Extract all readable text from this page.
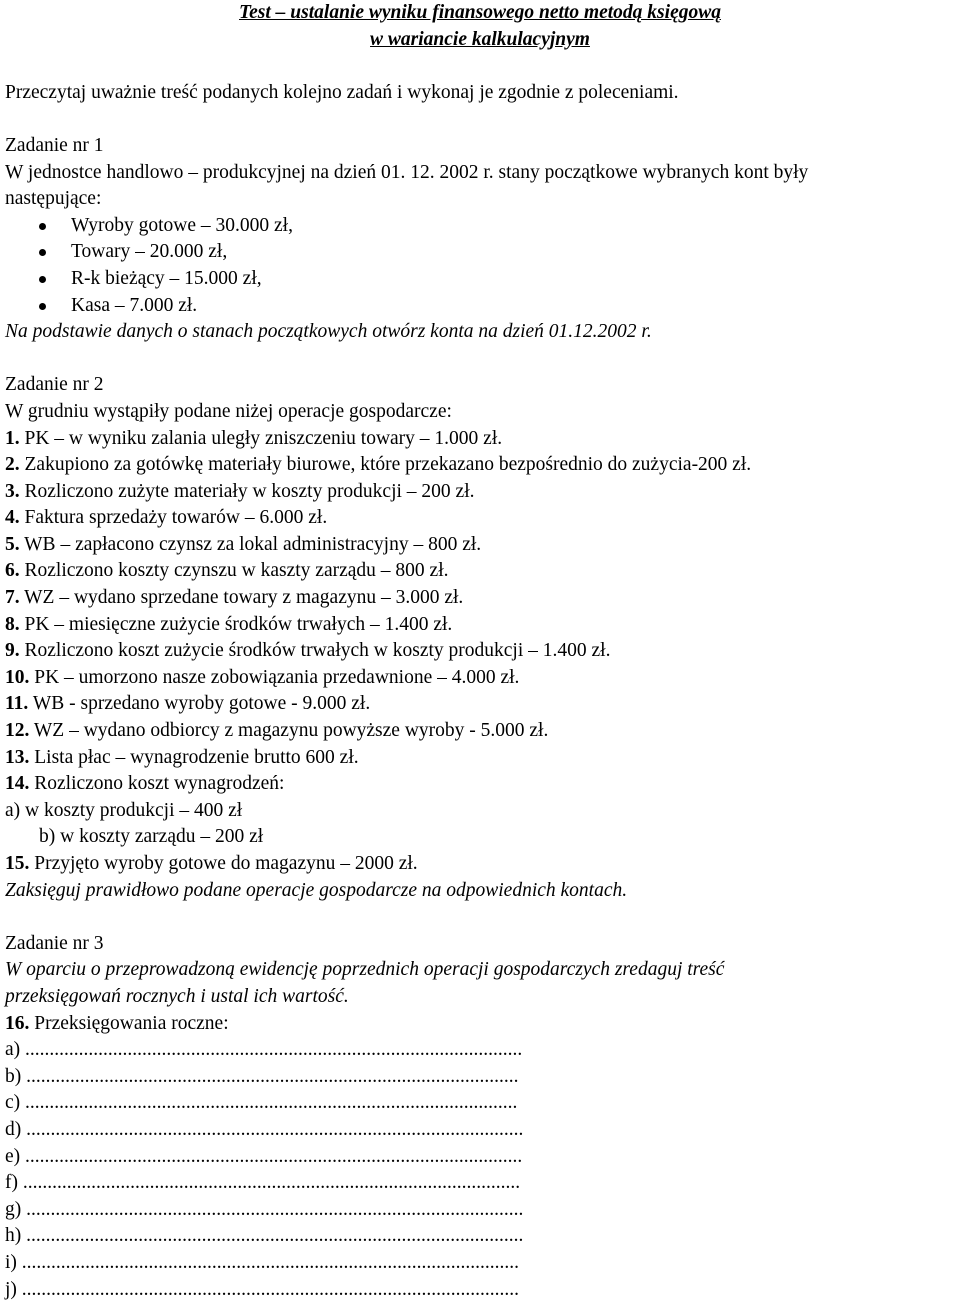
Test – ustalanie wyniku finansowego netto metodą księgową
w wariancie kalkulacyjnym
Przeczytaj uważnie treść podanych kolejno zadań i wykonaj je zgodnie z poleceniami.
Zadanie nr 1
W jednostce handlowo – produkcyjnej na dzień 01. 12. 2002 r. stany początkowe wybranych kont były
następujące:
Wyroby gotowe – 30.000 zł,
Towary – 20.000 zł,
R-k bieżący – 15.000 zł,
Kasa – 7.000 zł.
Na podstawie danych o stanach początkowych otwórz konta na dzień 01.12.2002 r.
Zadanie nr 2
W grudniu wystąpiły podane niżej operacje gospodarcze:
1. PK – w wyniku zalania uległy zniszczeniu towary – 1.000 zł.
2. Zakupiono za gotówkę materiały biurowe, które przekazano bezpośrednio do zużycia-200 zł.
3. Rozliczono zużyte materiały w koszty produkcji – 200 zł.
4. Faktura sprzedaży towarów – 6.000 zł.
5. WB – zapłacono czynsz za lokal administracyjny – 800 zł.
6. Rozliczono koszty czynszu w kaszty zarządu – 800 zł.
7. WZ – wydano sprzedane towary z magazynu – 3.000 zł.
8. PK – miesięczne zużycie środków trwałych – 1.400 zł.
9. Rozliczono koszt zużycie środków trwałych w koszty produkcji – 1.400 zł.
10. PK – umorzono nasze zobowiązania przedawnione – 4.000 zł.
11. WB - sprzedano wyroby gotowe - 9.000 zł.
12. WZ – wydano odbiorcy z magazynu powyższe wyroby - 5.000 zł.
13. Lista płac – wynagrodzenie brutto 600 zł.
14. Rozliczono koszt wynagrodzeń:
a) w koszty produkcji – 400 zł
b) w koszty zarządu – 200 zł
15. Przyjęto wyroby gotowe do magazynu – 2000 zł.
Zaksięguj prawidłowo podane operacje gospodarcze na odpowiednich kontach.
Zadanie nr 3
W oparciu o przeprowadzoną ewidencję poprzednich operacji gospodarczych zredaguj treść
przeksięgowań rocznych i ustal ich wartość.
16. Przeksięgowania roczne:
a) ......................................................................................................
b) .....................................................................................................
c) .....................................................................................................
d) ......................................................................................................
e) ......................................................................................................
f) ......................................................................................................
g) ......................................................................................................
h) ......................................................................................................
i) ......................................................................................................
j) ......................................................................................................
